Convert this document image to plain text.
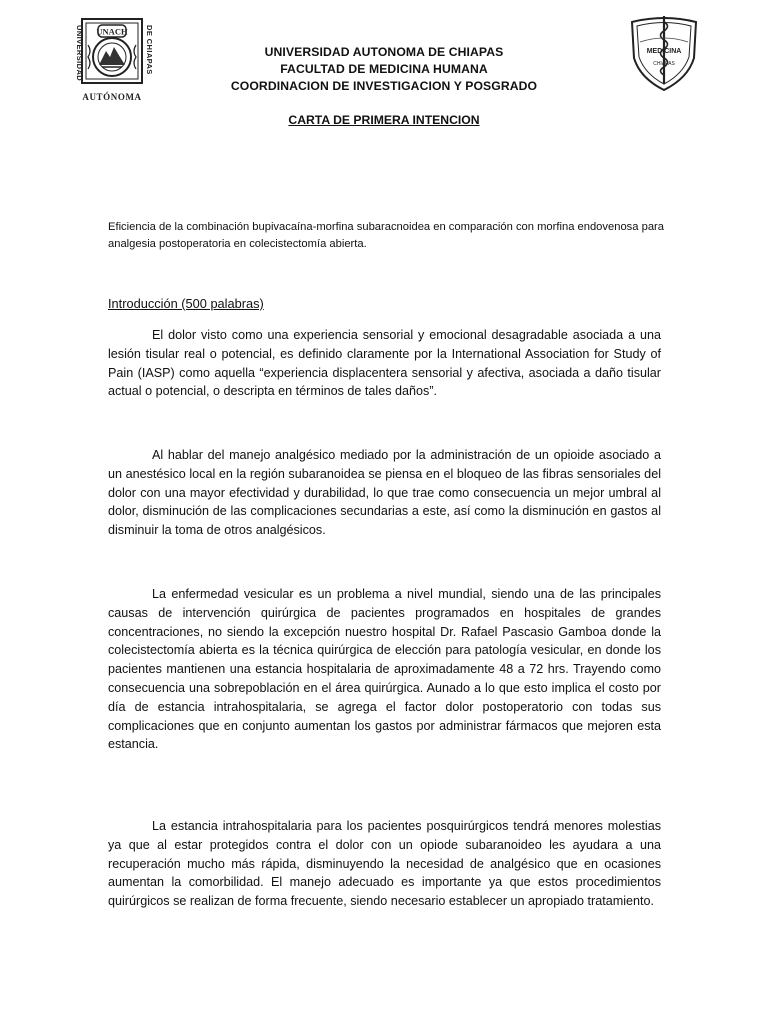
UNIVERSIDAD	DE CHIAPAS
UNACH
AUTÓNOMA
MEDICINA
CHIAPAS
UNIVERSIDAD AUTONOMA DE CHIAPAS
FACULTAD DE MEDICINA HUMANA
COORDINACION DE INVESTIGACION Y POSGRADO
CARTA DE PRIMERA INTENCION
Eficiencia de la combinación bupivacaína-morfina subaracnoidea en comparación con morfina endovenosa para analgesia postoperatoria en colecistectomía abierta.
Introducción (500 palabras)

El dolor visto como una experiencia sensorial y emocional desagradable asociada a una lesión tisular real o potencial, es definido claramente por la International Association for Study of Pain (IASP) como aquella “experiencia displacentera sensorial y afectiva, asociada a daño tisular actual o potencial, o descripta en términos de tales daños”.

Al hablar del manejo analgésico mediado por la administración de un opioide asociado a un anestésico local en la región subaranoidea se piensa en el bloqueo de las fibras sensoriales del dolor con una mayor efectividad y durabilidad, lo que trae como consecuencia un mejor umbral al dolor, disminución de las complicaciones secundarias a este, así como la disminución en gastos al disminuir la toma de otros analgésicos.

La enfermedad vesicular es un problema a nivel mundial, siendo una de las principales causas de intervención quirúrgica de pacientes programados en hospitales de grandes concentraciones, no siendo la excepción nuestro hospital Dr. Rafael Pascasio Gamboa donde la colecistectomía abierta es la técnica quirúrgica de elección para patología vesicular, en donde los pacientes mantienen una estancia hospitalaria de aproximadamente 48 a 72 hrs. Trayendo como consecuencia una sobrepoblación en el área quirúrgica. Aunado a lo que esto implica el costo por día de estancia intrahospitalaria, se agrega el factor dolor postoperatorio con todas sus complicaciones que en conjunto aumentan los gastos por administrar fármacos que mejoren esta estancia.

La estancia intrahospitalaria para los pacientes posquirúrgicos tendrá menores molestias ya que al estar protegidos contra el dolor con un opiode subaranoideo les ayudara a una recuperación mucho más rápida, disminuyendo la necesidad de analgésico que en ocasiones aumentan la comorbilidad. El manejo adecuado es importante ya que estos procedimientos quirúrgicos se realizan de forma frecuente, siendo necesario establecer un apropiado tratamiento.
